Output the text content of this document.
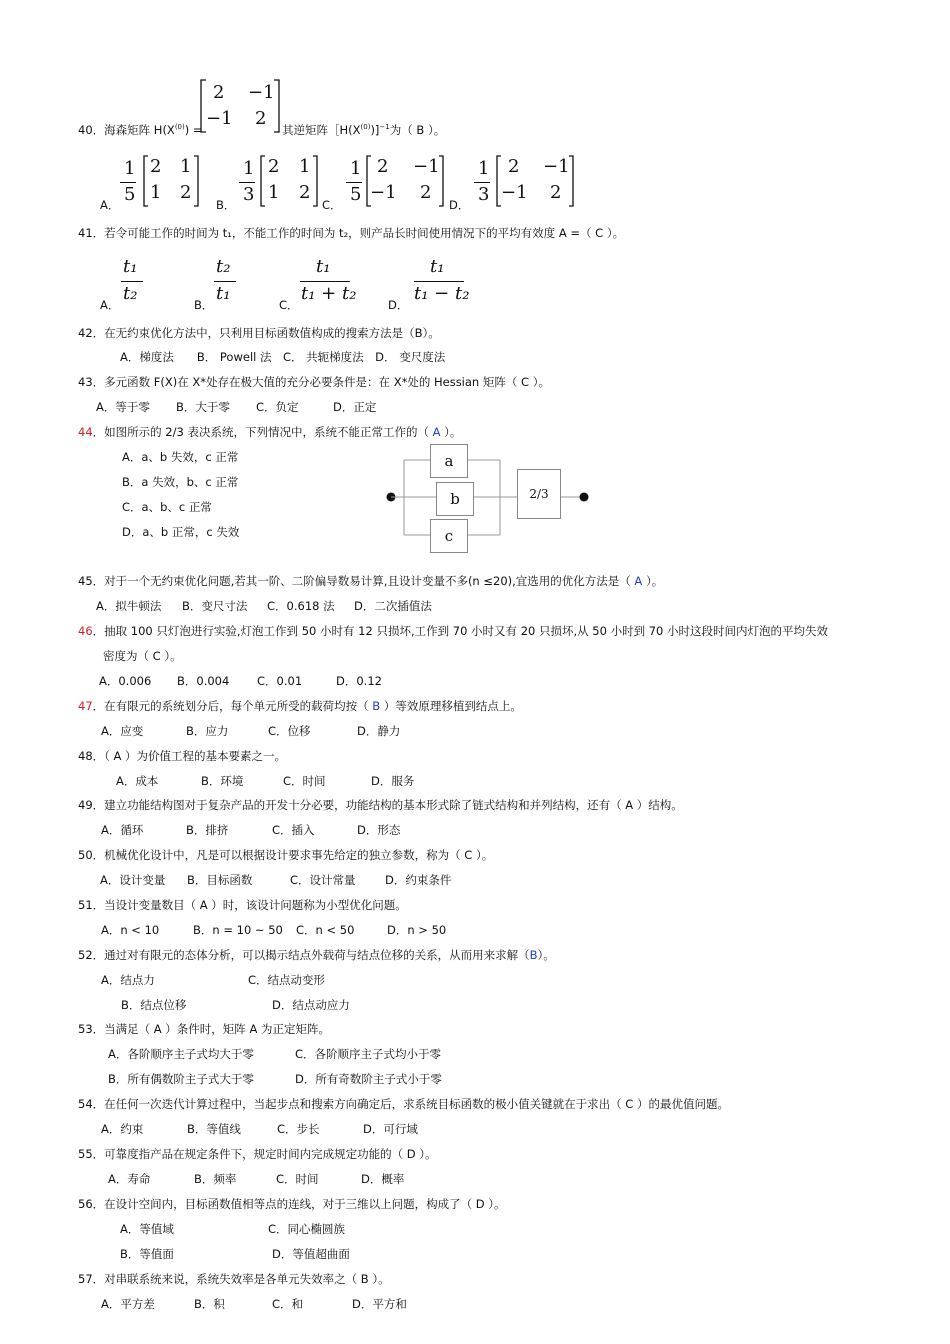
40．海森矩阵 $H(X^{(0)})$ =
2 −1
−1 2
其逆矩阵$[H(X^{(0)})]^{-1}$为（ B ）。
A．
1
5
2 1
1 2
B．
1
3
2 1
1 2
C．
1
5
2 −1
−1 2
D．
1
3
2 −1
−1 2
41．若令可能工作的时间为 t₁，不能工作的时间为 t₂，则产品长时间使用情况下的平均有效度 A =（ C ）。
A．
t₁
t₂
B．
t₂
t₁
C．
t₁
t₁ + t₂
D．
t₁
t₁ − t₂
42．在无约束优化方法中，只利用目标函数值构成的搜索方法是（B）。
A．梯度法　　B． Powell 法　C． 共轭梯度法　D． 变尺度法
43．多元函数 F(X)在 X*处存在极大值的充分必要条件是：在 X*处的 Hessian 矩阵（ C ）。
A．等于零 B．大于零 C．负定	D．正定
44．如图所示的 2/3 表决系统，下列情况中，系统不能正常工作的（ A ）。
A．a、b 失效，c 正常
B．a 失效，b、c 正常
C．a、b、c 正常
D．a、b 正常，c 失效
a
b
c
2/3
45．对于一个无约束优化问题,若其一阶、二阶偏导数易计算,且设计变量不多(n ≤20),宜选用的优化方法是（ A ）。
A．拟牛顿法 B．变尺寸法 C．0.618 法 D．二次插值法
46．抽取 100 只灯泡进行实验,灯泡工作到 50 小时有 12 只损坏,工作到 70 小时又有 20 只损坏,从 50 小时到 70 小时这段时间内灯泡的平均失效
密度为（ C ）。
A．0.006 B．0.004 C．0.01	D．0.12
47．在有限元的系统划分后，每个单元所受的载荷均按（ B ）等效原理移植到结点上。
A．应变	B．应力	C．位移	D．静力
48．（ A ）为价值工程的基本要素之一。
A．成本	B．环境	C．时间	D．服务
49．建立功能结构图对于复杂产品的开发十分必要，功能结构的基本形式除了链式结构和并列结构，还有（ A ）结构。
A．循环	B．排挤	C．插入	D．形态
50．机械优化设计中，凡是可以根据设计要求事先给定的独立参数，称为（ C ）。
A．设计变量 B．目标函数	C．设计常量	D．约束条件
51．当设计变量数目（ A ）时，该设计问题称为小型优化问题。
A．n < 10	B．n = 10 ~ 50 C．n < 50	D．n > 50
52．通过对有限元的态体分析，可以揭示结点外载荷与结点位移的关系，从而用来求解（B）。
A．结点力	C．结点动变形
B．结点位移	D．结点动应力
53．当满足（ A ）条件时，矩阵 A 为正定矩阵。
A．各阶顺序主子式均大于零	C．各阶顺序主子式均小于零
B．所有偶数阶主子式大于零	D．所有奇数阶主子式小于零
54．在任何一次迭代计算过程中，当起步点和搜索方向确定后，求系统目标函数的极小值关键就在于求出（ C ）的最优值问题。
A．约束	B．等值线	C．步长	D．可行域
55．可靠度指产品在规定条件下，规定时间内完成规定功能的（ D ）。
A．寿命	B．频率	C．时间	D．概率
56．在设计空间内，目标函数值相等点的连线，对于三维以上问题，构成了（ D ）。
A．等值域	C．同心椭圆族
B．等值面	D．等值超曲面
57．对串联系统来说，系统失效率是各单元失效率之（ B ）。
A．平方差	B．积	C．和	D．平方和
